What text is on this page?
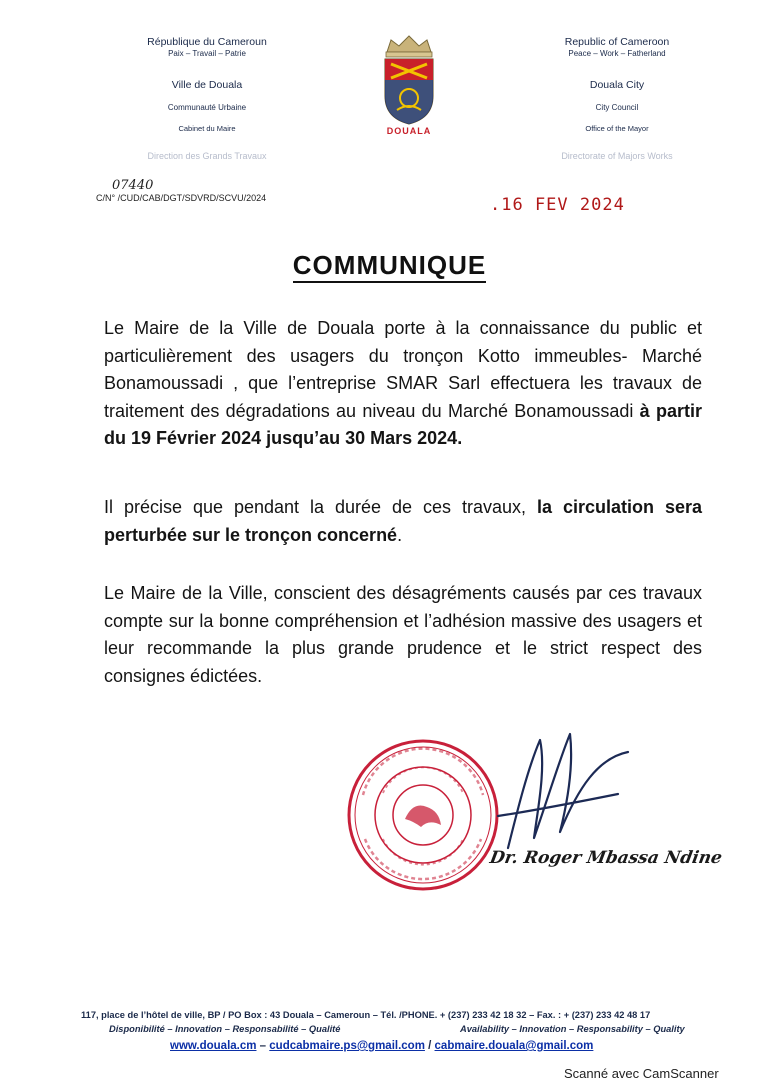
République du Cameroun
Paix – Travail – Patrie
Ville de Douala
Communauté Urbaine
Cabinet du Maire
Direction des Grands Travaux
DOUALA
Republic of Cameroon
Peace – Work – Fatherland
Douala City
City Council
Office of the Mayor
Directorate of Majors Works
07440
C/N° /CUD/CAB/DGT/SDVRD/SCVU/2024	.16 FEV 2024
COMMUNIQUE
Le Maire de la Ville de Douala porte à la connaissance du public et particulièrement des usagers du tronçon Kotto immeubles- Marché Bonamoussadi , que l’entreprise SMAR Sarl effectuera les travaux de traitement des dégradations au niveau du Marché Bonamoussadi à partir du 19 Février 2024 jusqu’au 30 Mars 2024.
Il précise que pendant la durée de ces travaux, la circulation sera perturbée sur le tronçon concerné.
Le Maire de la Ville, conscient des désagréments causés par ces travaux compte sur la bonne compréhension et l’adhésion massive des usagers et leur recommande la plus grande prudence et le strict respect des consignes édictées.
Dr. Roger Mbassa Ndine
117, place de l’hôtel de ville, BP / PO Box : 43 Douala – Cameroun – Tél. /PHONE. + (237) 233 42 18 32 – Fax. : + (237) 233 42 48 17
Disponibilité – Innovation – Responsabilité – Qualité	Availability – Innovation – Responsability – Quality
www.douala.cm – cudcabmaire.ps@gmail.com / cabmaire.douala@gmail.com
Scanné avec CamScanner
